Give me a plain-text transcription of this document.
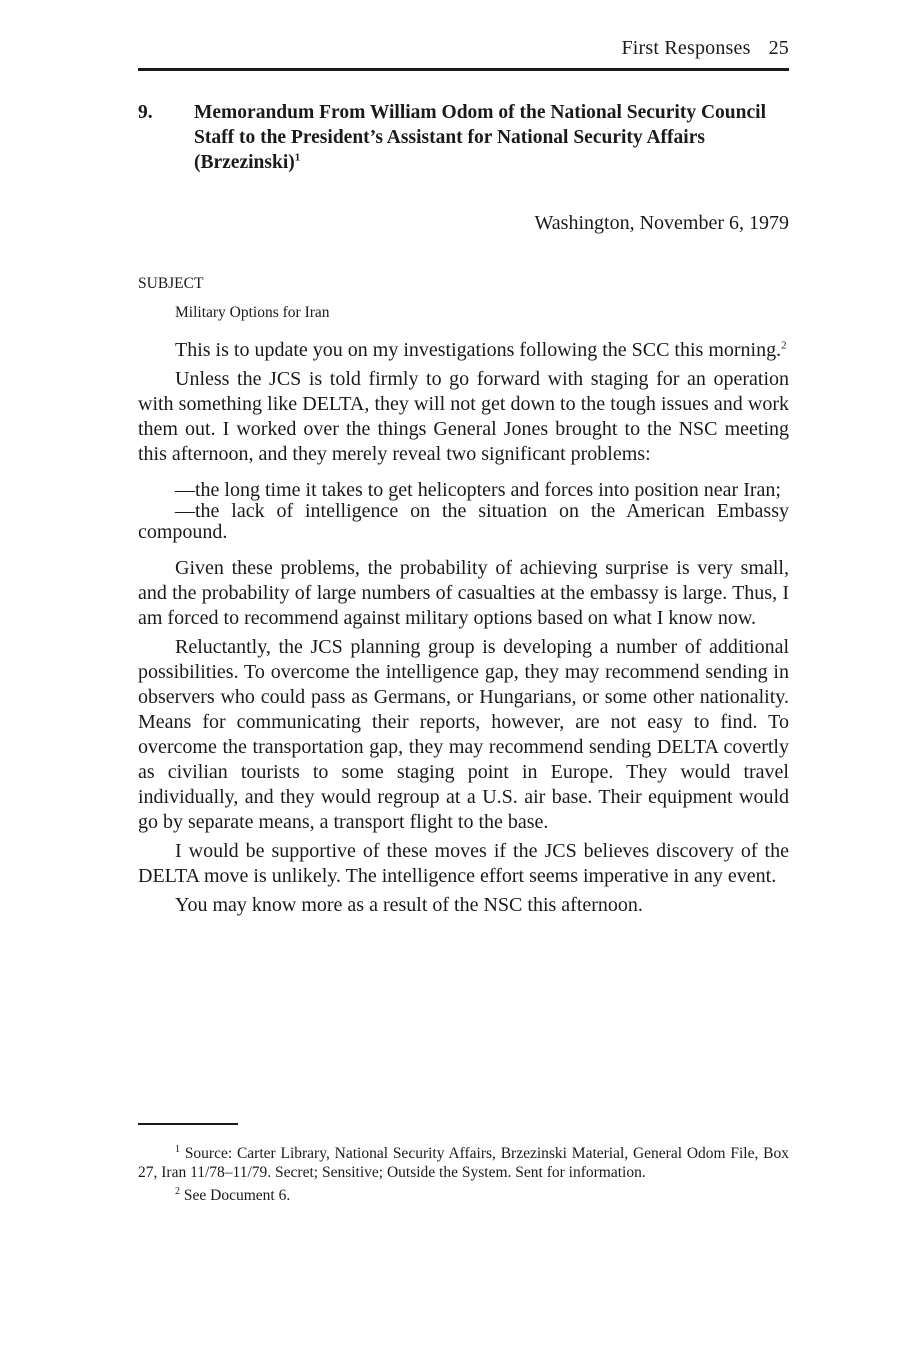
First Responses 25
9. Memorandum From William Odom of the National Security Council Staff to the President’s Assistant for National Security Affairs (Brzezinski)$^1$
Washington, November 6, 1979
SUBJECT
Military Options for Iran

This is to update you on my investigations following the SCC this morning.$^2$

Unless the JCS is told firmly to go forward with staging for an operation with something like DELTA, they will not get down to the tough issues and work them out. I worked over the things General Jones brought to the NSC meeting this afternoon, and they merely reveal two significant problems:

—the long time it takes to get helicopters and forces into position near Iran;

—the lack of intelligence on the situation on the American Embassy compound.

Given these problems, the probability of achieving surprise is very small, and the probability of large numbers of casualties at the embassy is large. Thus, I am forced to recommend against military options based on what I know now.

Reluctantly, the JCS planning group is developing a number of additional possibilities. To overcome the intelligence gap, they may recommend sending in observers who could pass as Germans, or Hungarians, or some other nationality. Means for communicating their reports, however, are not easy to find. To overcome the transportation gap, they may recommend sending DELTA covertly as civilian tourists to some staging point in Europe. They would travel individually, and they would regroup at a U.S. air base. Their equipment would go by separate means, a transport flight to the base.

I would be supportive of these moves if the JCS believes discovery of the DELTA move is unlikely. The intelligence effort seems imperative in any event.

You may know more as a result of the NSC this afternoon.

$^1$ Source: Carter Library, National Security Affairs, Brzezinski Material, General Odom File, Box 27, Iran 11/78–11/79. Secret; Sensitive; Outside the System. Sent for information.

$^2$ See Document 6.
